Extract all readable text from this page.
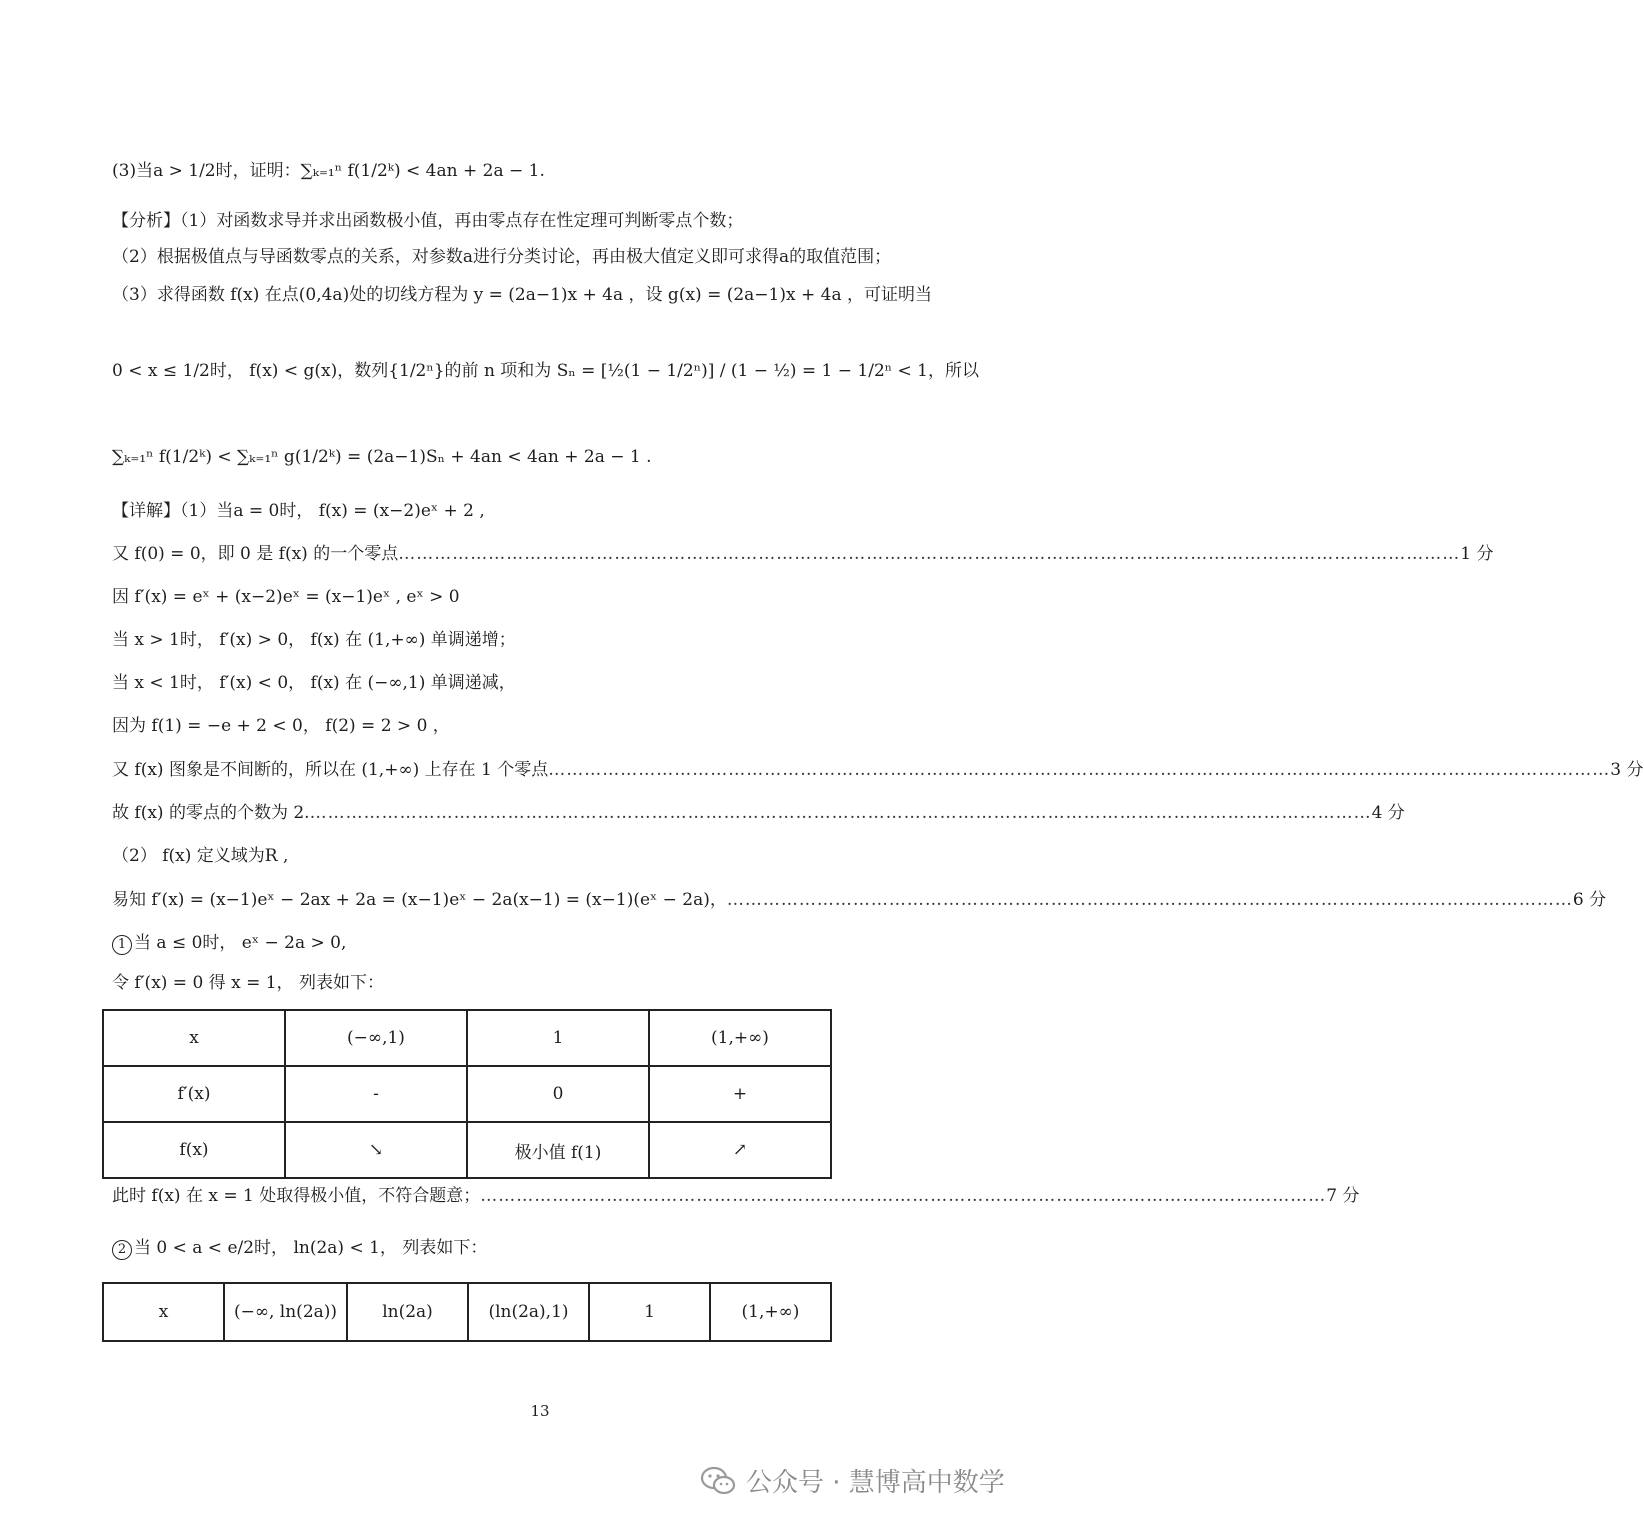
(3)当a > 1/2时，证明：∑ₖ₌₁ⁿ f(1/2ᵏ) < 4an + 2a − 1.
【分析】（1）对函数求导并求出函数极小值，再由零点存在性定理可判断零点个数；
（2）根据极值点与导函数零点的关系，对参数a进行分类讨论，再由极大值定义即可求得a的取值范围；
（3）求得函数 f(x) 在点(0,4a)处的切线方程为 y = (2a−1)x + 4a ，设 g(x) = (2a−1)x + 4a ，可证明当
0 < x ≤ 1/2时， f(x) < g(x)，数列{1/2ⁿ}的前 n 项和为 Sₙ = [½(1 − 1/2ⁿ)] / (1 − ½) = 1 − 1/2ⁿ < 1，所以
∑ₖ₌₁ⁿ f(1/2ᵏ) < ∑ₖ₌₁ⁿ g(1/2ᵏ) = (2a−1)Sₙ + 4an < 4an + 2a − 1 .
【详解】（1）当a = 0时， f(x) = (x−2)eˣ + 2 ,
又 f(0) = 0，即 0 是 f(x) 的一个零点 …………………………………………………………………………………………………………………………………………………………… 1 分
因 f′(x) = eˣ + (x−2)eˣ = (x−1)eˣ , eˣ > 0
当 x > 1时， f′(x) > 0， f(x) 在 (1,+∞) 单调递增；
当 x < 1时， f′(x) < 0， f(x) 在 (−∞,1) 单调递减，
因为 f(1) = −e + 2 < 0， f(2) = 2 > 0 ，
又 f(x) 图象是不间断的，所以在 (1,+∞) 上存在 1 个零点 …………………………………………………………………………………………………………………………………………………………… 3 分
故 f(x) 的零点的个数为 2. …………………………………………………………………………………………………………………………………………………………… 4 分
（2） f(x) 定义域为R ,
易知 f′(x) = (x−1)eˣ − 2ax + 2a = (x−1)eˣ − 2a(x−1) = (x−1)(eˣ − 2a)， …………………………………………………………………………………………………………………………… 6 分
1 当 a ≤ 0时， eˣ − 2a > 0,
令 f′(x) = 0 得 x = 1， 列表如下：
x	(−∞,1)	1	(1,+∞)
f′(x)	-	0	+
f(x)	↘	极小值 f(1)	↗
此时 f(x) 在 x = 1 处取得极小值，不符合题意； …………………………………………………………………………………………………………………………… 7 分
2 当 0 < a < e/2时， ln(2a) < 1， 列表如下：
x	(−∞, ln(2a))	ln(2a)	(ln(2a),1)	1	(1,+∞)
13
公众号 · 慧博高中数学
